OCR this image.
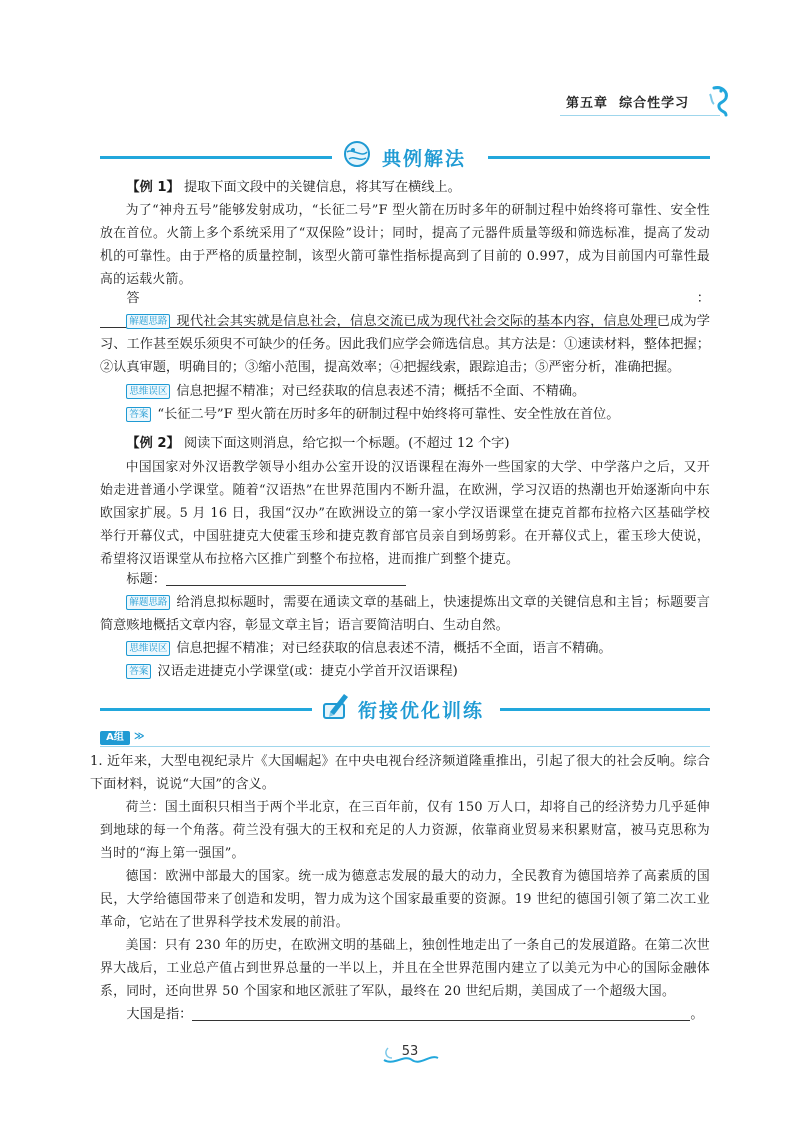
第五章 综合性学习
典例解法

【例 1】 提取下面文段中的关键信息，将其写在横线上。

为了“神舟五号”能够发射成功，“长征二号”F 型火箭在历时多年的研制过程中始终将可靠性、安全性放在首位。火箭上多个系统采用了“双保险”设计；同时，提高了元器件质量等级和筛选标准，提高了发动机的可靠性。由于严格的质量控制，该型火箭可靠性指标提高到了目前的 0.997，成为目前国内可靠性最高的运载火箭。

答：

解题思路 现代社会其实就是信息社会，信息交流已成为现代社会交际的基本内容，信息处理已成为学习、工作甚至娱乐须臾不可缺少的任务。因此我们应学会筛选信息。其方法是：①速读材料，整体把握；②认真审题，明确目的；③缩小范围，提高效率；④把握线索，跟踪追击；⑤严密分析，准确把握。

思维误区 信息把握不精准；对已经获取的信息表述不清；概括不全面、不精确。

答案 “长征二号”F 型火箭在历时多年的研制过程中始终将可靠性、安全性放在首位。

【例 2】 阅读下面这则消息，给它拟一个标题。(不超过 12 个字)

中国国家对外汉语教学领导小组办公室开设的汉语课程在海外一些国家的大学、中学落户之后，又开始走进普通小学课堂。随着“汉语热”在世界范围内不断升温，在欧洲，学习汉语的热潮也开始逐渐向中东欧国家扩展。5 月 16 日，我国“汉办”在欧洲设立的第一家小学汉语课堂在捷克首都布拉格六区基础学校举行开幕仪式，中国驻捷克大使霍玉珍和捷克教育部官员亲自到场剪彩。在开幕仪式上，霍玉珍大使说，希望将汉语课堂从布拉格六区推广到整个布拉格，进而推广到整个捷克。

标题：

解题思路 给消息拟标题时，需要在通读文章的基础上，快速提炼出文章的关键信息和主旨；标题要言简意赅地概括文章内容，彰显文章主旨；语言要简洁明白、生动自然。

思维误区 信息把握不精准；对已经获取的信息表述不清，概括不全面，语言不精确。

答案 汉语走进捷克小学课堂(或：捷克小学首开汉语课程)

衔接优化训练
A组	≫

1. 近年来，大型电视纪录片《大国崛起》在中央电视台经济频道隆重推出，引起了很大的社会反响。综合下面材料，说说“大国”的含义。

荷兰：国土面积只相当于两个半北京，在三百年前，仅有 150 万人口，却将自己的经济势力几乎延伸到地球的每一个角落。荷兰没有强大的王权和充足的人力资源，依靠商业贸易来积累财富，被马克思称为当时的“海上第一强国”。

德国：欧洲中部最大的国家。统一成为德意志发展的最大的动力，全民教育为德国培养了高素质的国民，大学给德国带来了创造和发明，智力成为这个国家最重要的资源。19 世纪的德国引领了第二次工业革命，它站在了世界科学技术发展的前沿。

美国：只有 230 年的历史，在欧洲文明的基础上，独创性地走出了一条自己的发展道路。在第二次世界大战后，工业总产值占到世界总量的一半以上，并且在全世界范围内建立了以美元为中心的国际金融体系，同时，还向世界 50 个国家和地区派驻了军队，最终在 20 世纪后期，美国成了一个超级大国。

大国是指：	。

53
